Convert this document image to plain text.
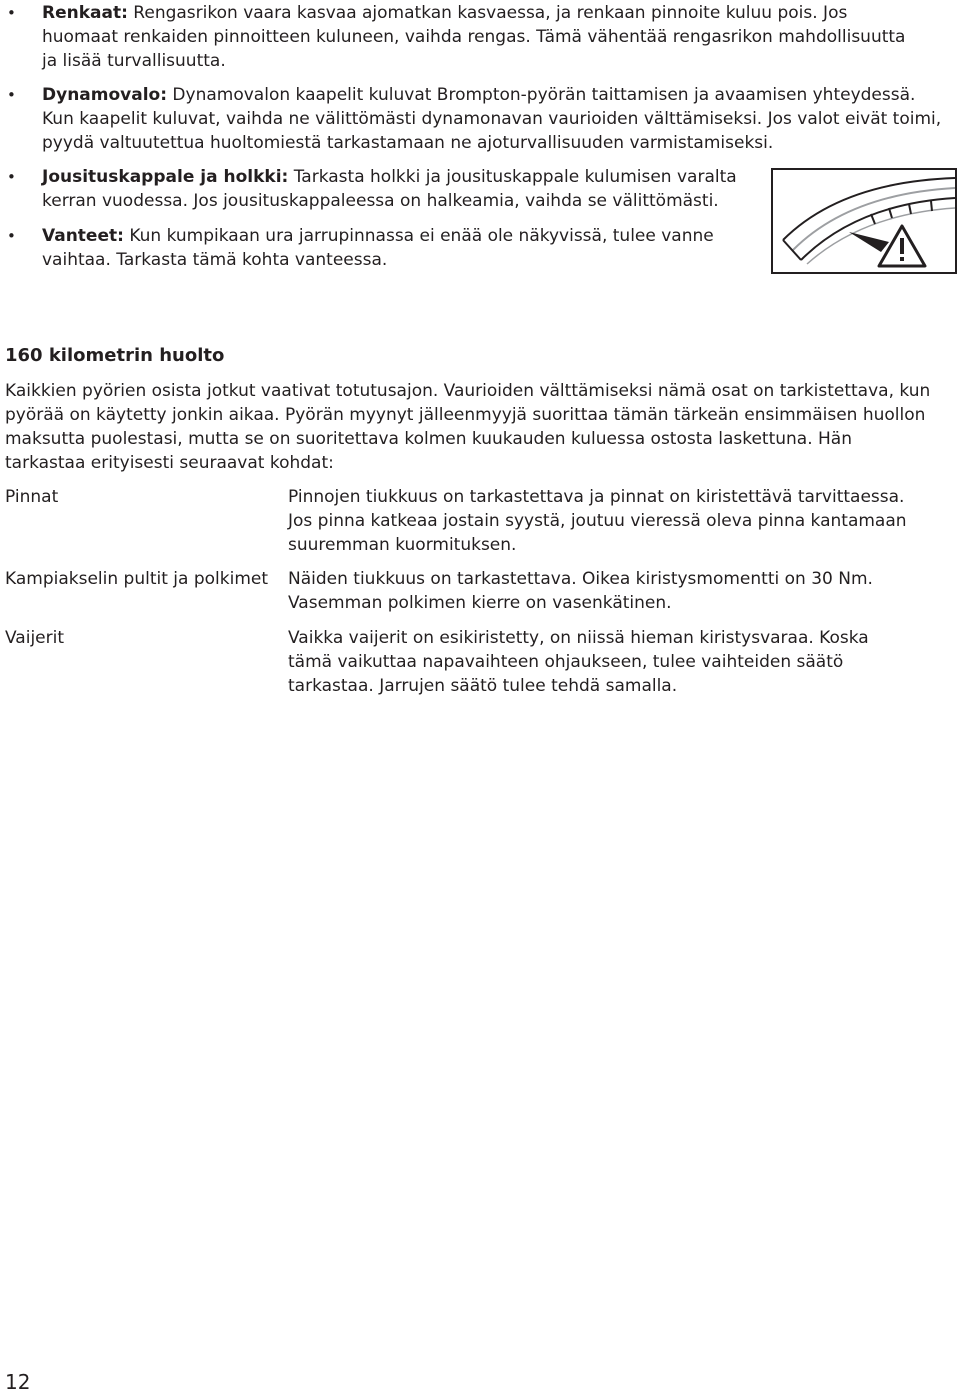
• Renkaat: Rengasrikon vaara kasvaa ajomatkan kasvaessa, ja renkaan pinnoite kuluu pois. Jos huomaat renkaiden pinnoitteen kuluneen, vaihda rengas. Tämä vähentää rengasrikon mahdollisuutta ja lisää turvallisuutta.
• Dynamovalo: Dynamovalon kaapelit kuluvat Brompton-pyörän taittamisen ja avaamisen yhteydessä. Kun kaapelit kuluvat, vaihda ne välittömästi dynamonavan vaurioiden välttämiseksi. Jos valot eivät toimi, pyydä valtuutettua huoltomiestä tarkastamaan ne ajoturvallisuuden varmistamiseksi.
• Jousituskappale ja holkki: Tarkasta holkki ja jousituskappale kulumisen varalta kerran vuodessa. Jos jousituskappaleessa on halkeamia, vaihda se välittömästi.
• Vanteet: Kun kumpikaan ura jarrupinnassa ei enää ole näkyvissä, tulee vanne vaihtaa. Tarkasta tämä kohta vanteessa.
160 kilometrin huolto

Kaikkien pyörien osista jotkut vaativat totutusajon. Vaurioiden välttämiseksi nämä osat on tarkistettava, kun pyörää on käytetty jonkin aikaa. Pyörän myynyt jälleenmyyjä suorittaa tämän tärkeän ensimmäisen huollon maksutta puolestasi, mutta se on suoritettava kolmen kuukauden kuluessa ostosta laskettuna. Hän tarkastaa erityisesti seuraavat kohdat:

Pinnat	Pinnojen tiukkuus on tarkastettava ja pinnat on kiristettävä tarvittaessa. Jos pinna katkeaa jostain syystä, joutuu vieressä oleva pinna kantamaan suuremman kuormituksen.
Kampiakselin pultit ja polkimet	Näiden tiukkuus on tarkastettava. Oikea kiristysmomentti on 30 Nm. Vasemman polkimen kierre on vasenkätinen.
Vaijerit	Vaikka vaijerit on esikiristetty, on niissä hieman kiristysvaraa. Koska tämä vaikuttaa napavaihteen ohjaukseen, tulee vaihteiden säätö tarkastaa. Jarrujen säätö tulee tehdä samalla.
12
